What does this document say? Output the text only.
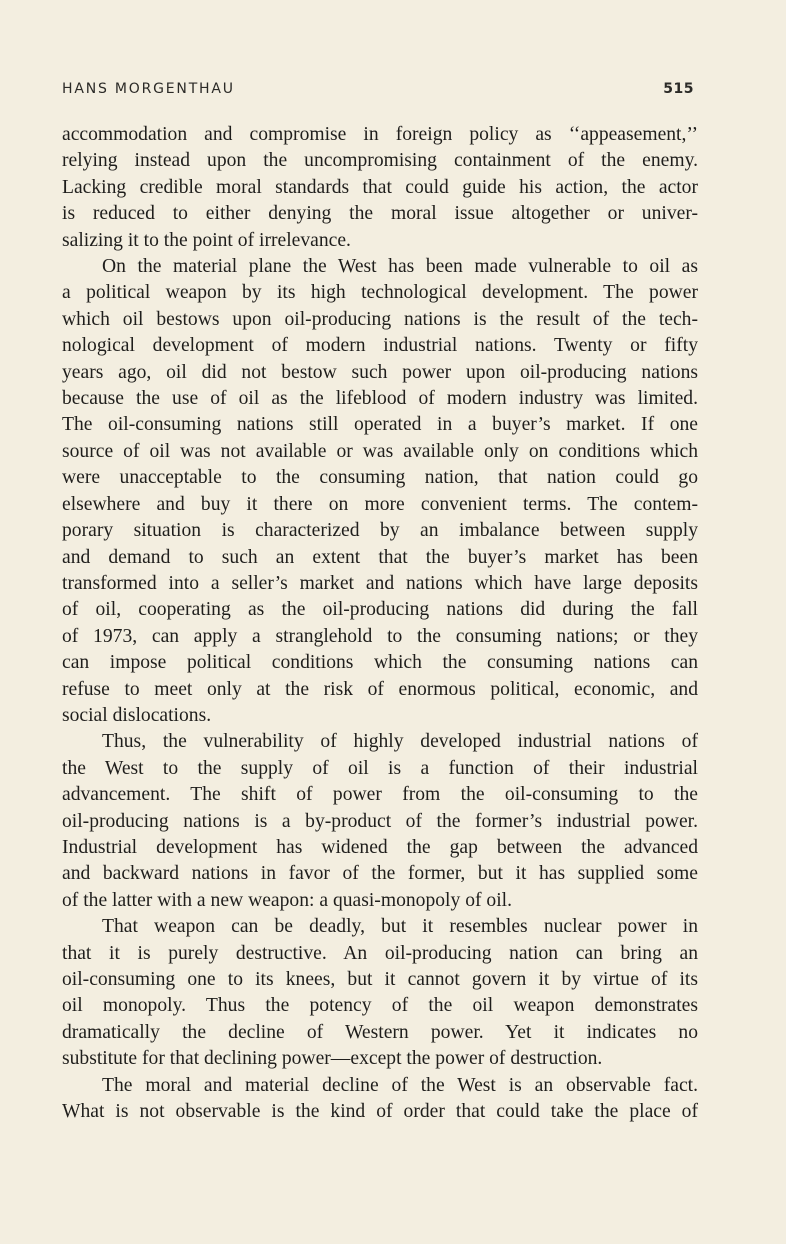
HANS MORGENTHAU	515
accommodation and compromise in foreign policy as ‘‘appeasement,’’
relying instead upon the uncompromising containment of the enemy.
Lacking credible moral standards that could guide his action, the actor
is reduced to either denying the moral issue altogether or univer-
salizing it to the point of irrelevance.
On the material plane the West has been made vulnerable to oil as
a political weapon by its high technological development. The power
which oil bestows upon oil-producing nations is the result of the tech-
nological development of modern industrial nations. Twenty or fifty
years ago, oil did not bestow such power upon oil-producing nations
because the use of oil as the lifeblood of modern industry was limited.
The oil-consuming nations still operated in a buyer’s market. If one
source of oil was not available or was available only on conditions which
were unacceptable to the consuming nation, that nation could go
elsewhere and buy it there on more convenient terms. The contem-
porary situation is characterized by an imbalance between supply
and demand to such an extent that the buyer’s market has been
transformed into a seller’s market and nations which have large deposits
of oil, cooperating as the oil-producing nations did during the fall
of 1973, can apply a stranglehold to the consuming nations; or they
can impose political conditions which the consuming nations can
refuse to meet only at the risk of enormous political, economic, and
social dislocations.
Thus, the vulnerability of highly developed industrial nations of
the West to the supply of oil is a function of their industrial
advancement. The shift of power from the oil-consuming to the
oil-producing nations is a by-product of the former’s industrial power.
Industrial development has widened the gap between the advanced
and backward nations in favor of the former, but it has supplied some
of the latter with a new weapon: a quasi-monopoly of oil.
That weapon can be deadly, but it resembles nuclear power in
that it is purely destructive. An oil-producing nation can bring an
oil-consuming one to its knees, but it cannot govern it by virtue of its
oil monopoly. Thus the potency of the oil weapon demonstrates
dramatically the decline of Western power. Yet it indicates no
substitute for that declining power—except the power of destruction.
The moral and material decline of the West is an observable fact.
What is not observable is the kind of order that could take the place of
